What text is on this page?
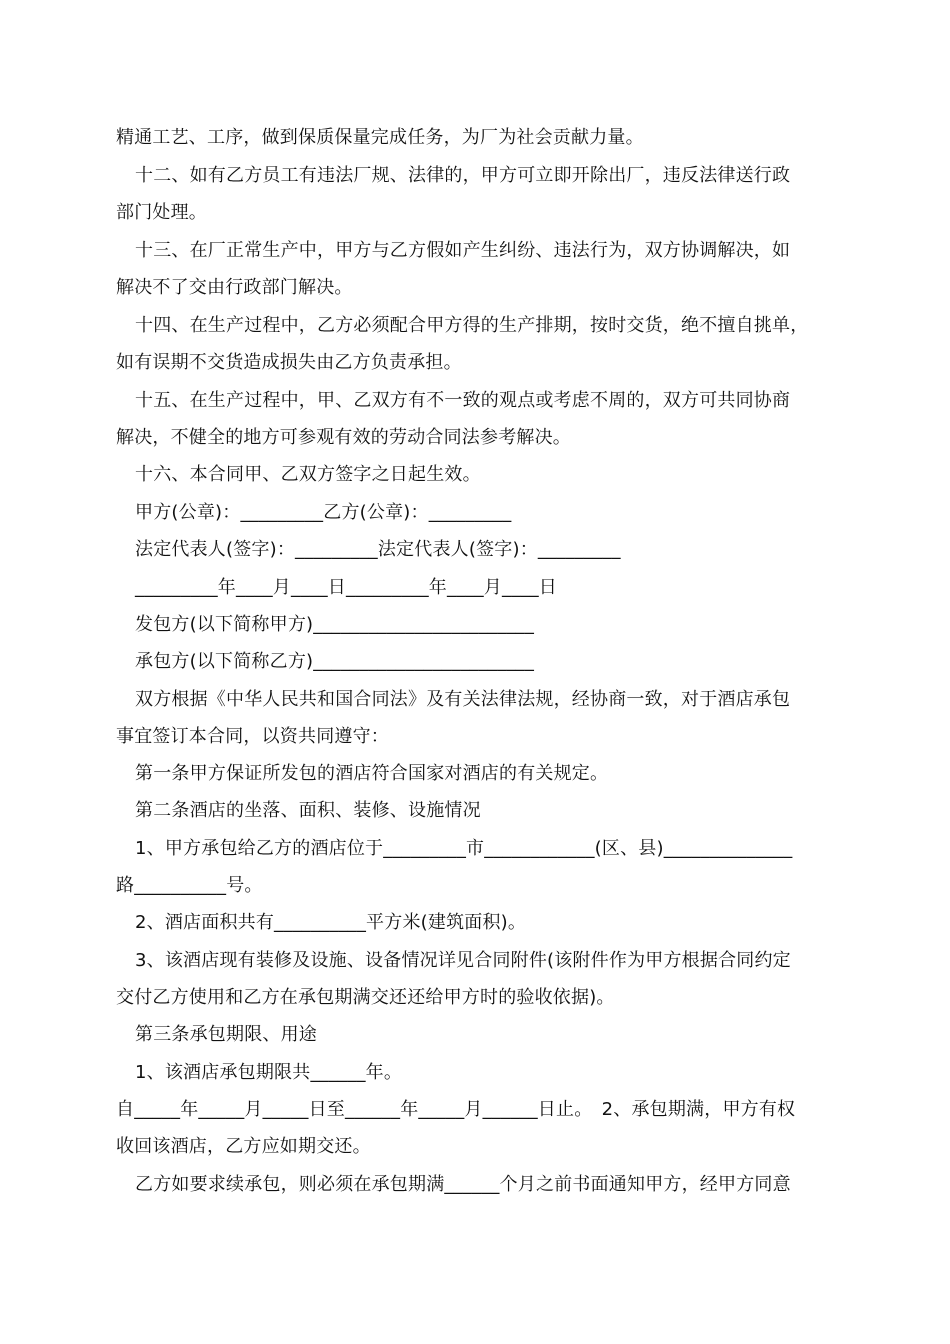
精通工艺、工序，做到保质保量完成任务，为厂为社会贡献力量。
十二、如有乙方员工有违法厂规、法律的，甲方可立即开除出厂，违反法律送行政
部门处理。
十三、在厂正常生产中，甲方与乙方假如产生纠纷、违法行为，双方协调解决，如
解决不了交由行政部门解决。
十四、在生产过程中，乙方必须配合甲方得的生产排期，按时交货，绝不擅自挑单，
如有误期不交货造成损失由乙方负责承担。
十五、在生产过程中，甲、乙双方有不一致的观点或考虑不周的，双方可共同协商
解决，不健全的地方可参观有效的劳动合同法参考解决。
十六、本合同甲、乙双方签字之日起生效。
甲方(公章)：_________乙方(公章)：_________
法定代表人(签字)：_________法定代表人(签字)：_________
_________年____月____日_________年____月____日
发包方(以下简称甲方)________________________
承包方(以下简称乙方)________________________
双方根据《中华人民共和国合同法》及有关法律法规，经协商一致，对于酒店承包
事宜签订本合同，以资共同遵守：
第一条甲方保证所发包的酒店符合国家对酒店的有关规定。
第二条酒店的坐落、面积、装修、设施情况
1、甲方承包给乙方的酒店位于_________市____________(区、县)______________
路__________号。
2、酒店面积共有__________平方米(建筑面积)。
3、该酒店现有装修及设施、设备情况详见合同附件(该附件作为甲方根据合同约定
交付乙方使用和乙方在承包期满交还还给甲方时的验收依据)。
第三条承包期限、用途
1、该酒店承包期限共______年。
自_____年_____月_____日至______年_____月______日止。　2、承包期满，甲方有权
收回该酒店，乙方应如期交还。
乙方如要求续承包，则必须在承包期满______个月之前书面通知甲方，经甲方同意
